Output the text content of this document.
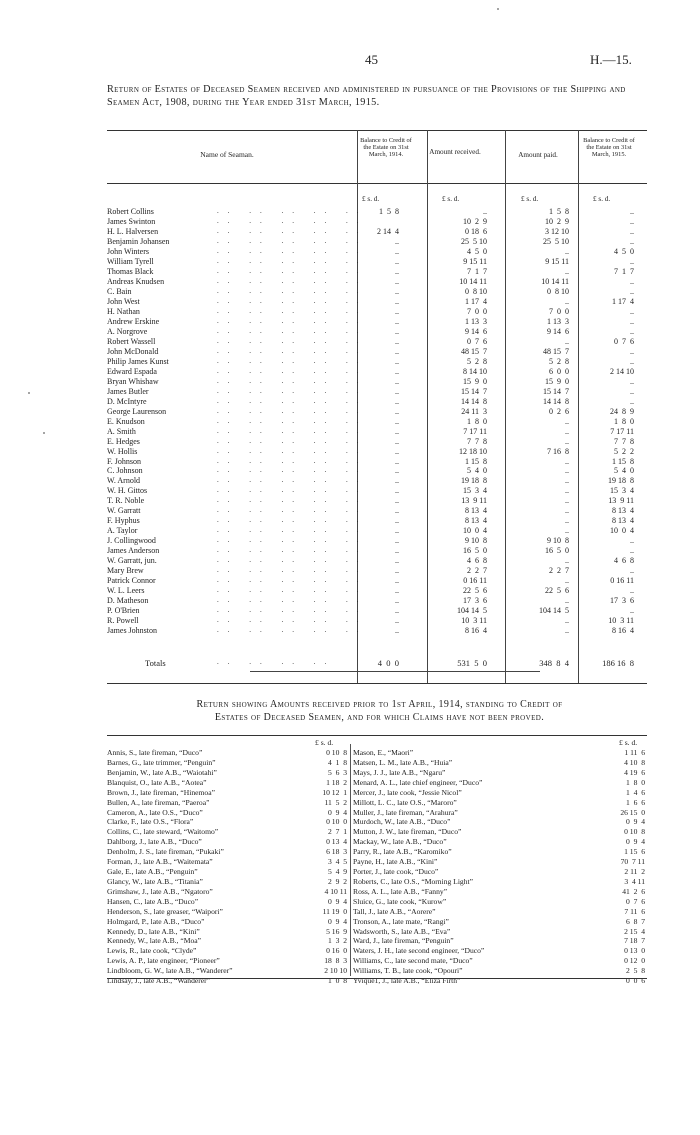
45	H.—15.
Return of Estates of Deceased Seamen received and administered in pursuance of the Provisions of the Shipping and Seamen Act, 1908, during the Year ended 31st March, 1915.
Name of Seaman.
Balance to Credit of the Estate on 31st March, 1914.	Amount received.	Amount paid.
Balance to Credit of the Estate on 31st March, 1915.
£ s. d.	£ s. d.	£ s. d.	£ s. d.
Robert Collins	.. .. .. .. ..	1  5  8	..	1  5  8	..
James Swinton	.. .. .. .. ..	10  2  9	10  2  9	..
H. L. Halversen	.. .. .. .. ..	2 14  4	0 18  6	3 12 10	..
Benjamin Johansen	.. .. .. .. ..	..	25  5 10	25  5 10	..
John Winters	.. .. .. .. ..	..	4  5  0	..	4  5  0
William Tyrell	.. .. .. .. ..	..	9 15 11	9 15 11	..
Thomas Black	.. .. .. .. ..	..	7  1  7	..	7  1  7
Andreas Knudsen	.. .. .. .. ..	..	10 14 11	10 14 11	..
C. Bain	.. .. .. .. ..	..	0  8 10	0  8 10	..
John West	.. .. .. .. ..	..	1 17  4	..	1 17  4
H. Nathan	.. .. .. .. ..	..	7  0  0	7  0  0	..
Andrew Erskine	.. .. .. .. ..	..	1 13  3	1 13  3	..
A. Norgrove	.. .. .. .. ..	..	9 14  6	9 14  6	..
Robert Wassell	.. .. .. .. ..	..	0  7  6	..	0  7  6
John McDonald	.. .. .. .. ..	..	48 15  7	48 15  7	..
Philip James Kunst	.. .. .. .. ..	..	5  2  8	5  2  8	..
Edward Espada	.. .. .. .. ..	..	8 14 10	6  0  0	2 14 10
Bryan Whishaw	.. .. .. .. ..	..	15  9  0	15  9  0	..
James Butler	.. .. .. .. ..	..	15 14  7	15 14  7	..
D. McIntyre	.. .. .. .. ..	..	14 14  8	14 14  8	..
George Laurenson	.. .. .. .. ..	..	24 11  3	0  2  6	24  8  9
E. Knudson	.. .. .. .. ..	..	1  8  0	..	1  8  0
A. Smith	.. .. .. .. ..	..	7 17 11	..	7 17 11
E. Hedges	.. .. .. .. ..	..	7  7  8	..	7  7  8
W. Hollis	.. .. .. .. ..	..	12 18 10	7 16  8	5  2  2
F. Johnson	.. .. .. .. ..	..	1 15  8	..	1 15  8
C. Johnson	.. .. .. .. ..	..	5  4  0	..	5  4  0
W. Arnold	.. .. .. .. ..	..	19 18  8	..	19 18  8
W. H. Gittos	.. .. .. .. ..	..	15  3  4	..	15  3  4
T. R. Noble	.. .. .. .. ..	..	13  9 11	..	13  9 11
W. Garratt	.. .. .. .. ..	..	8 13  4	..	8 13  4
F. Hyphus	.. .. .. .. ..	..	8 13  4	..	8 13  4
A. Taylor	.. .. .. .. ..	..	10  0  4	..	10  0  4
J. Collingwood	.. .. .. .. ..	..	9 10  8	9 10  8	..
James Anderson	.. .. .. .. ..	..	16  5  0	16  5  0	..
W. Garratt, jun.	.. .. .. .. ..	..	4  6  8	..	4  6  8
Mary Brew	.. .. .. .. ..	..	2  2  7	2  2  7	..
Patrick Connor	.. .. .. .. ..	..	0 16 11	..	0 16 11
W. L. Leers	.. .. .. .. ..	..	22  5  6	22  5  6	..
D. Matheson	.. .. .. .. ..	..	17  3  6	..	17  3  6
P. O'Brien	.. .. .. .. ..	..	104 14  5	104 14  5	..
R. Powell	.. .. .. .. ..	..	10  3 11	..	10  3 11
James Johnston	.. .. .. .. ..	..	8 16  4	..	8 16  4
Totals	.. .. .. ..	4  0  0	531  5  0	348  8  4	186 16  8
Return showing Amounts received prior to 1st April, 1914, standing to Credit of
Estates of Deceased Seamen, and for which Claims have not been proved.
£ s. d.
Annis, S., late fireman, “Duco”	0 10  8
Barnes, G., late trimmer, “Penguin”	4  1  8
Benjamin, W., late A.B., “Waiotahi”	5  6  3
Blanquist, O., late A.B., “Aotea”	1 18  2
Brown, J., late fireman, “Hinemoa”	10 12  1
Bullen, A., late fireman, “Paeroa”	11  5  2
Cameron, A., late O.S., “Duco”	0  9  4
Clarke, F., late O.S., “Flora”	0 10  0
Collins, C., late steward, “Waitomo”	2  7  1
Dahlborg, J., late A.B., “Duco”	0 13  4
Denholm, J. S., late fireman, “Pukaki”	6 18  3
Forman, J., late A.B., “Waitemata”	3  4  5
Gale, E., late A.B., “Penguin”	5  4  9
Glancy, W., late A.B., “Titania”	2  9  2
Grimshaw, J., late A.B., “Ngatoro”	4 10 11
Hansen, C., late A.B., “Duco”	0  9  4
Henderson, S., late greaser, “Waipori”	11 19  0
Holmgard, P., late A.B., “Duco”	0  9  4
Kennedy, D., late A.B., “Kini”	5 16  9
Kennedy, W., late A.B., “Moa”	1  3  2
Lewis, R., late cook, “Clyde”	0 16  0
Lewis, A. P., late engineer, “Pioneer”	18  8  3
Lindbloom, G. W., late A.B., “Wanderer”	2 10 10
Lindsay, J., late A.B., “Wanderer”	1  0  8
£ s. d.
Mason, E., “Maori”	1 11  6
Matsen, L. M., late A.B., “Huia”	4 10  8
Mays, J. J., late A.B., “Ngaru”	4 19  6
Menard, A. L., late chief engineer, “Duco”	1  8  0
Mercer, J., late cook, “Jessie Nicol”	1  4  6
Millott, L. C., late O.S., “Maroro”	1  6  6
Muller, J., late fireman, “Arahura”	26 15  0
Murdoch, W., late A.B., “Duco”	0  9  4
Mutton, J. W., late fireman, “Duco”	0 10  8
Mackay, W., late A.B., “Duco”	0  9  4
Parry, R., late A.B., “Karomiko”	1 15  6
Payne, H., late A.B., “Kini”	70  7 11
Porter, J., late cook, “Duco”	2 11  2
Roberts, C., late O.S., “Morning Light”	3  4 11
Ross, A. L., late A.B., “Fanny”	41  2  6
Sluice, G., late cook, “Kurow”	0  7  6
Tall, J., late A.B., “Aorere”	7 11  6
Tronson, A., late mate, “Rangi”	6  8  7
Wadsworth, S., late A.B., “Eva”	2 15  4
Ward, J., late fireman, “Penguin”	7 18  7
Waters, J. H., late second engineer, “Duco”	0 13  0
Williams, C., late second mate, “Duco”	0 12  0
Williams, T. B., late cook, “Opouri”	2  5  8
Yvique1, J., late A.B., “Eliza Firth”	0  0  6
